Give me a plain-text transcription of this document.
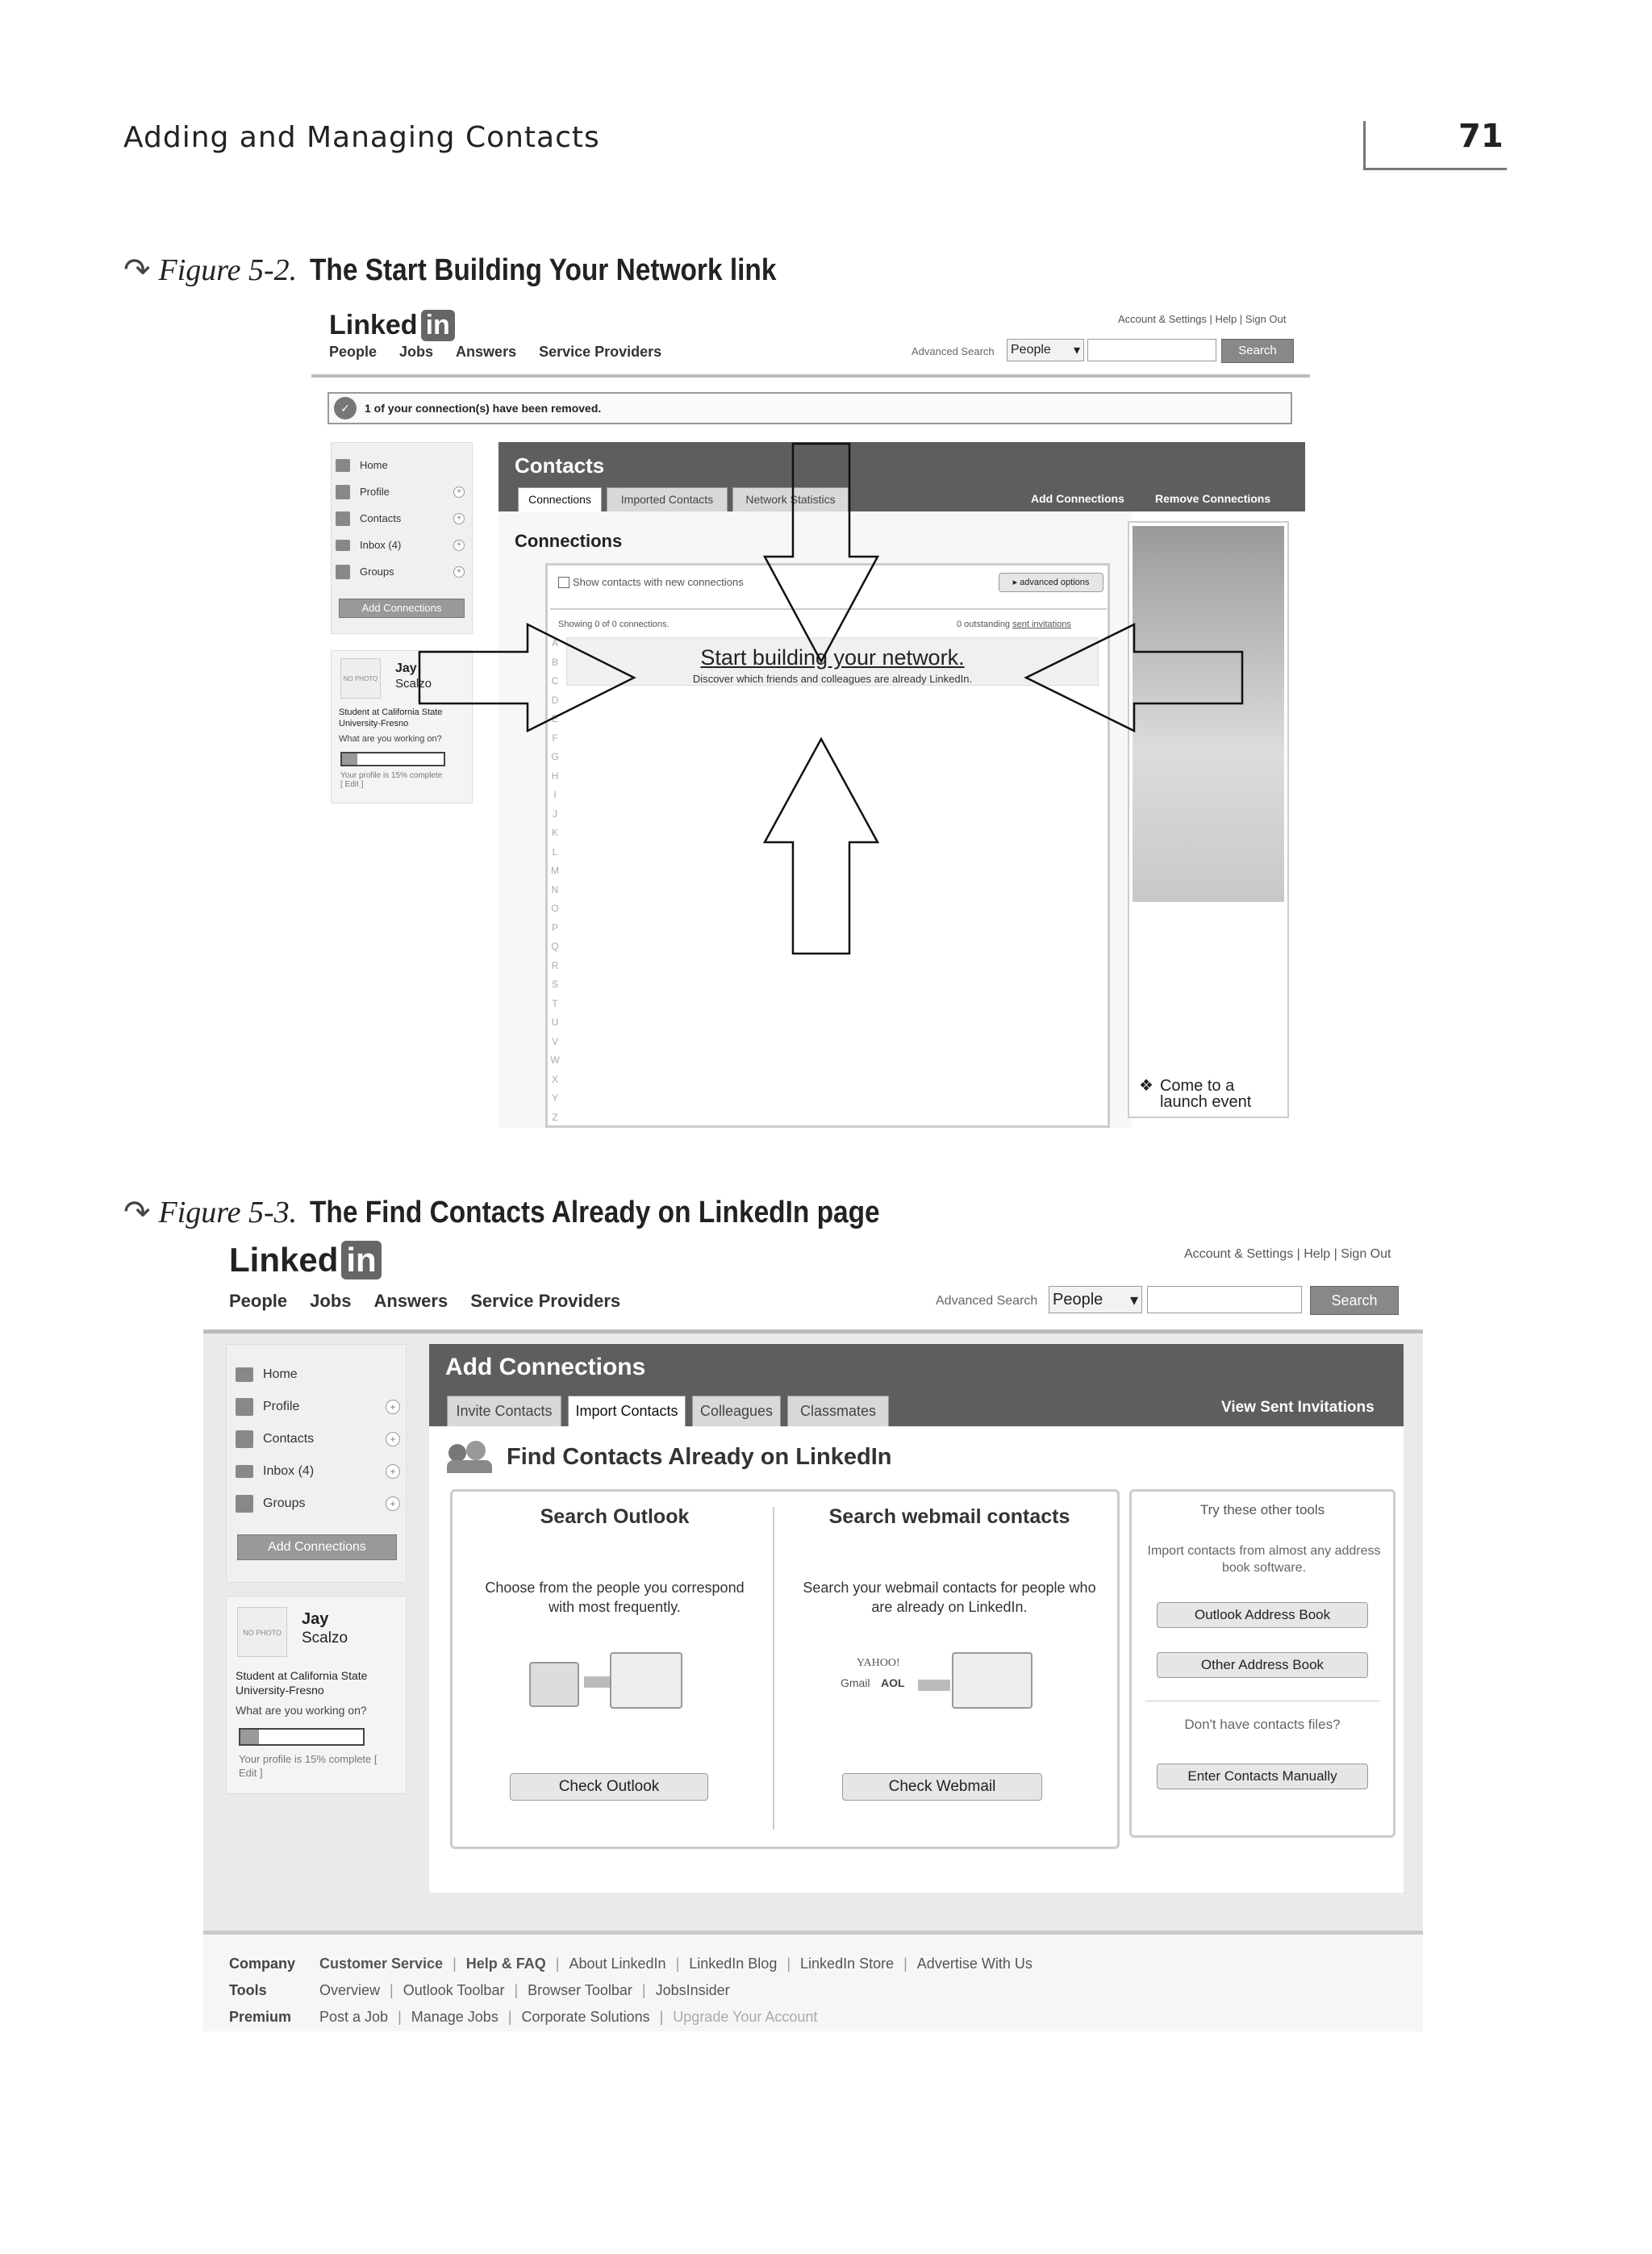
Adding and Managing Contacts	71
↷ Figure 5-2. The Start Building Your Network link
Linked in	Account & Settings | Help | Sign Out
People Jobs Answers Service Providers	Advanced Search People ▾	Search
✓	1 of your connection(s) have been removed.
Home
Profile	+
Contacts	+
Inbox (4)	+
Groups	+
Add Connections
NO PHOTO
Jay
Scalzo
Student at California State University-Fresno
What are you working on?
Your profile is 15% complete [ Edit ]
Contacts
Connections	Imported Contacts	Network Statistics	Add Connections	Remove Connections
Connections
Show contacts with new connections	▸ advanced options
Showing 0 of 0 connections.	0 outstanding sent invitations
A
B
C
D
E
F
G
H
I
J
K
L
M
N
O
P
Q
R
S
T
U
V
W
X
Y
Z
Start building your network.
Discover which friends and colleagues are already LinkedIn.
❖ Come to a launch event
↷ Figure 5-3. The Find Contacts Already on LinkedIn page
Linked in	Account & Settings | Help | Sign Out
People Jobs Answers Service Providers	Advanced Search People ▾	Search
Home
Profile	+
Contacts	+
Inbox (4)	+
Groups	+
Add Connections
NO PHOTO
Jay
Scalzo
Student at California State University-Fresno
What are you working on?
Your profile is 15% complete [ Edit ]
Add Connections
Invite Contacts	Import Contacts	Colleagues	Classmates	View Sent Invitations
Find Contacts Already on LinkedIn
Search Outlook
Choose from the people you correspond with most frequently.
Check Outlook
Search webmail contacts
Search your webmail contacts for people who are already on LinkedIn.
YAHOO!
Gmail AOL
Check Webmail
Try these other tools
Import contacts from almost any address book software.
Outlook Address Book
Other Address Book
Don't have contacts files?
Enter Contacts Manually
Company	Customer Service | Help & FAQ | About LinkedIn | LinkedIn Blog | LinkedIn Store | Advertise With Us
Tools	Overview | Outlook Toolbar | Browser Toolbar | JobsInsider
Premium	Post a Job | Manage Jobs | Corporate Solutions | Upgrade Your Account
